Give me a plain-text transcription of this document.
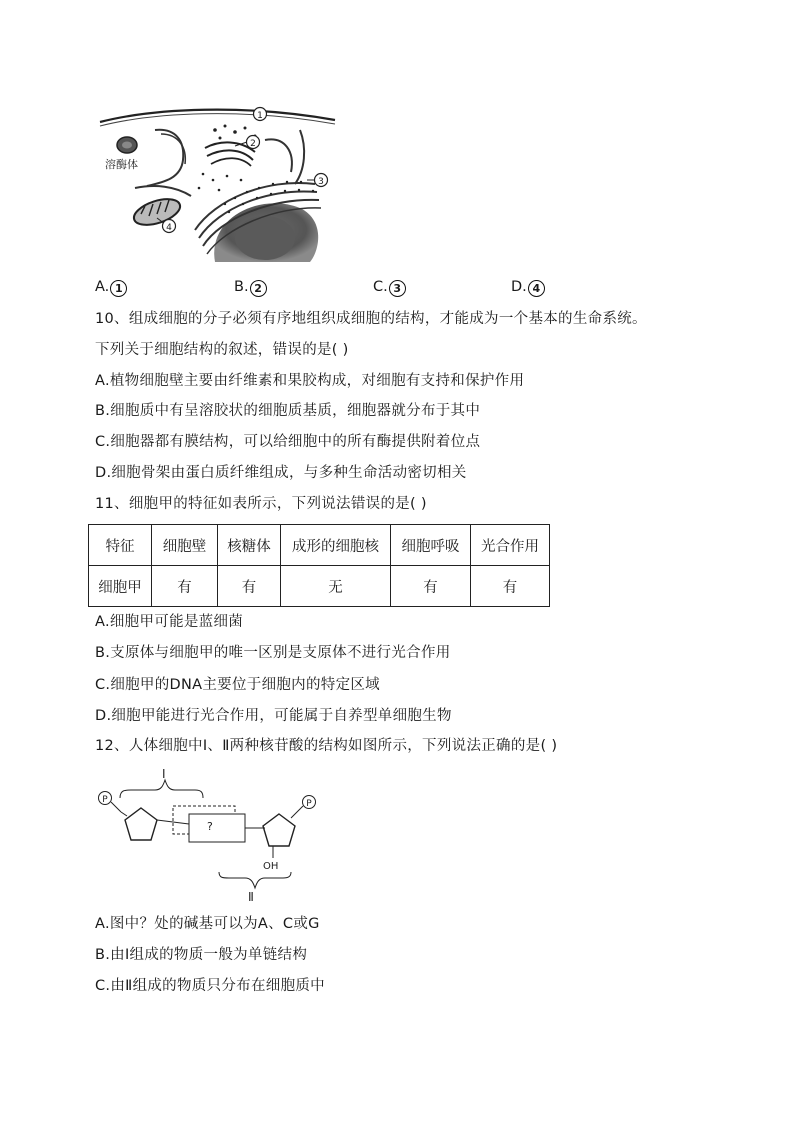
溶酶体
1
2
3
4
A. 1	B. 2	C. 3	D. 4
10、组成细胞的分子必须有序地组织成细胞的结构，才能成为一个基本的生命系统。
下列关于细胞结构的叙述，错误的是( )
A.植物细胞壁主要由纤维素和果胶构成，对细胞有支持和保护作用
B.细胞质中有呈溶胶状的细胞质基质，细胞器就分布于其中
C.细胞器都有膜结构，可以给细胞中的所有酶提供附着位点
D.细胞骨架由蛋白质纤维组成，与多种生命活动密切相关
11、细胞甲的特征如表所示，下列说法错误的是( )
特征	细胞壁	核糖体	成形的细胞核	细胞呼吸	光合作用
细胞甲	有	有	无	有	有
A.细胞甲可能是蓝细菌
B.支原体与细胞甲的唯一区别是支原体不进行光合作用
C.细胞甲的DNA主要位于细胞内的特定区域
D.细胞甲能进行光合作用，可能属于自养型单细胞生物
12、人体细胞中Ⅰ、Ⅱ两种核苷酸的结构如图所示，下列说法正确的是( )
I
P
?
P
OH
Ⅱ
A.图中？处的碱基可以为A、C或G
B.由Ⅰ组成的物质一般为单链结构
C.由Ⅱ组成的物质只分布在细胞质中
